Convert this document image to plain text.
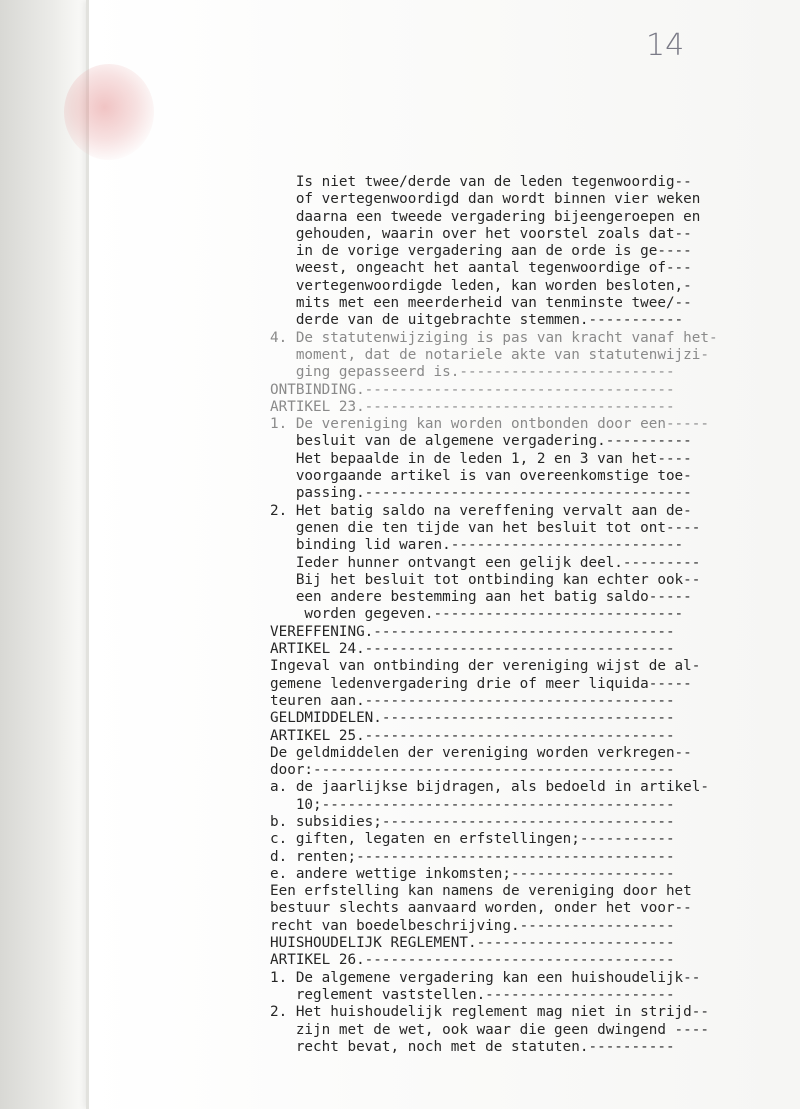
14
Is niet twee/derde van de leden tegenwoordig--
of vertegenwoordigd dan wordt binnen vier weken
daarna een tweede vergadering bijeengeroepen en
gehouden, waarin over het voorstel zoals dat--
in de vorige vergadering aan de orde is ge----
weest, ongeacht het aantal tegenwoordige of---
vertegenwoordigde leden, kan worden besloten,-
mits met een meerderheid van tenminste twee/--
derde van de uitgebrachte stemmen.-----------
4. De statutenwijziging is pas van kracht vanaf het-
moment, dat de notariele akte van statutenwijzi-
ging gepasseerd is.-------------------------
ONTBINDING.------------------------------------
ARTIKEL 23.------------------------------------
1. De vereniging kan worden ontbonden door een-----
besluit van de algemene vergadering.----------
Het bepaalde in de leden 1, 2 en 3 van het----
voorgaande artikel is van overeenkomstige toe-
passing.--------------------------------------
2. Het batig saldo na vereffening vervalt aan de-
genen die ten tijde van het besluit tot ont----
binding lid waren.---------------------------
Ieder hunner ontvangt een gelijk deel.---------
Bij het besluit tot ontbinding kan echter ook--
een andere bestemming aan het batig saldo-----
worden gegeven.-----------------------------
VEREFFENING.-----------------------------------
ARTIKEL 24.------------------------------------
Ingeval van ontbinding der vereniging wijst de al-
gemene ledenvergadering drie of meer liquida-----
teuren aan.------------------------------------
GELDMIDDELEN.----------------------------------
ARTIKEL 25.------------------------------------
De geldmiddelen der vereniging worden verkregen--
door:------------------------------------------
a. de jaarlijkse bijdragen, als bedoeld in artikel-
10;-----------------------------------------
b. subsidies;----------------------------------
c. giften, legaten en erfstellingen;-----------
d. renten;-------------------------------------
e. andere wettige inkomsten;-------------------
Een erfstelling kan namens de vereniging door het
bestuur slechts aanvaard worden, onder het voor--
recht van boedelbeschrijving.------------------
HUISHOUDELIJK REGLEMENT.-----------------------
ARTIKEL 26.------------------------------------
1. De algemene vergadering kan een huishoudelijk--
reglement vaststellen.----------------------
2. Het huishoudelijk reglement mag niet in strijd--
zijn met de wet, ook waar die geen dwingend ----
recht bevat, noch met de statuten.----------
